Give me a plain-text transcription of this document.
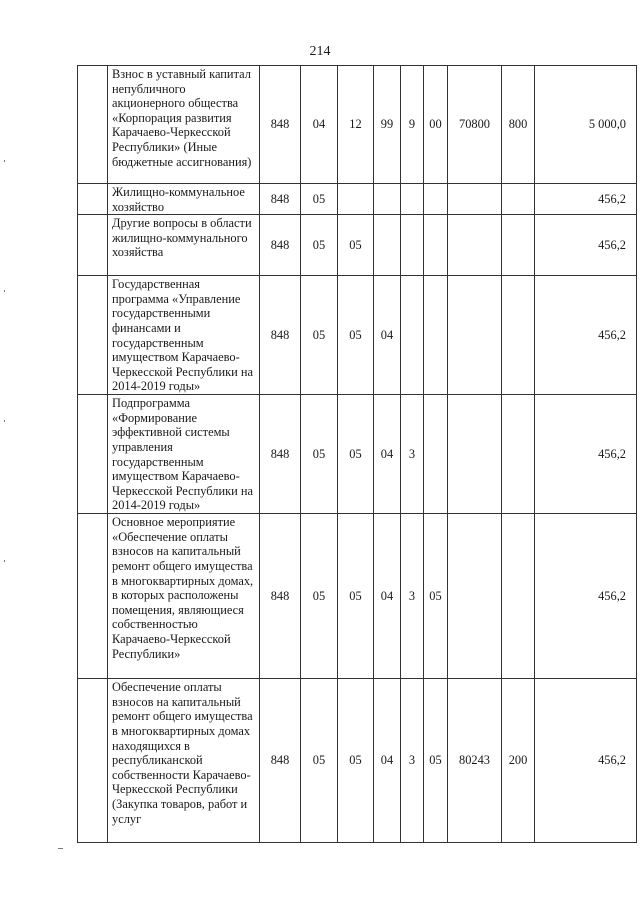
214
	Взнос в уставный капитал непубличного акционерного общества «Корпорация развития Карачаево-Черкесской Республики» (Иные бюджетные ассигнования)	848	04	12	99	9	00	70800	800	5 000,0
	Жилищно-коммунальное хозяйство	848	05							456,2
	Другие вопросы в области жилищно-коммунального хозяйства	848	05	05						456,2
	Государственная программа «Управление государственными финансами и государственным имуществом Карачаево-Черкесской Республики на 2014-2019 годы»	848	05	05	04					456,2
	Подпрограмма «Формирование эффективной системы управления государственным имуществом Карачаево-Черкесской Республики на 2014-2019 годы»	848	05	05	04	3				456,2
	Основное мероприятие «Обеспечение оплаты взносов на капитальный ремонт общего имущества в многоквартирных домах, в которых расположены помещения, являющиеся собственностью Карачаево-Черкесской Республики»	848	05	05	04	3	05			456,2
	Обеспечение оплаты взносов на капитальный ремонт общего имущества в многоквартирных домах находящихся в республиканской собственности Карачаево-Черкесской Республики (Закупка товаров, работ и услуг	848	05	05	04	3	05	80243	200	456,2
